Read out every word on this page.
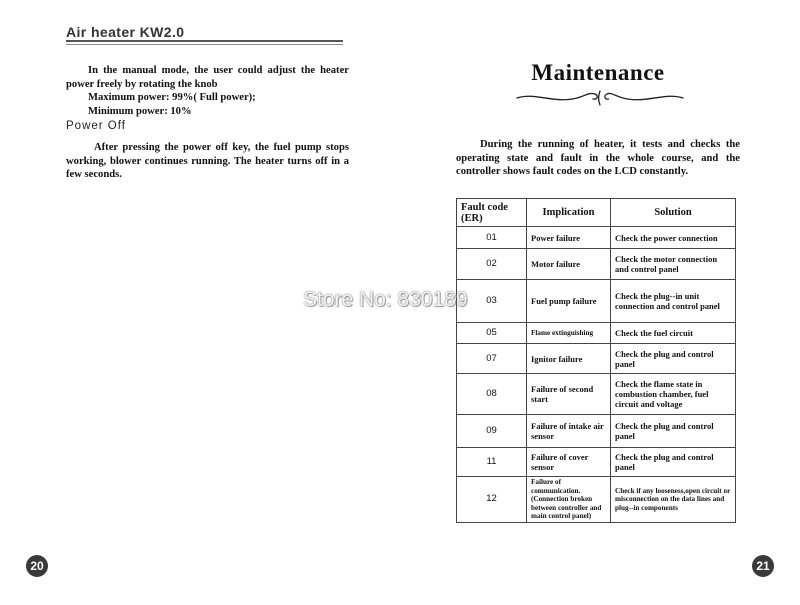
Air heater KW2.0
In the manual mode, the user could adjust the heater power freely by rotating the knob
Maximum power: 99%( Full power);
Minimum power: 10%
Power Off
After pressing the power off key, the fuel pump stops working, blower continues running. The heater turns off in a few seconds.
20
Maintenance
During the running of heater, it tests and checks the operating state and fault in the whole course, and the controller shows fault codes on the LCD constantly.
Fault code (ER)	Implication	Solution
01	Power failure	Check the power connection
02	Motor failure	Check the motor connection and control panel
03	Fuel pump failure	Check the plug--in unit connection and control panel
05	Flame extinguishing	Check the fuel circuit
07	Ignitor failure	Check the plug and control panel
08	Failure of second start	Check the flame state in combustion chamber, fuel circuit and voltage
09	Failure of intake air sensor	Check the plug and control panel
11	Failure of cover sensor	Check the plug and control panel
12	Failure of communication. (Connection broken between controller and main control panel)	Check if any looseness,open circuit or misconnection on the data lines and plug--in components
21
Store No: 830189
